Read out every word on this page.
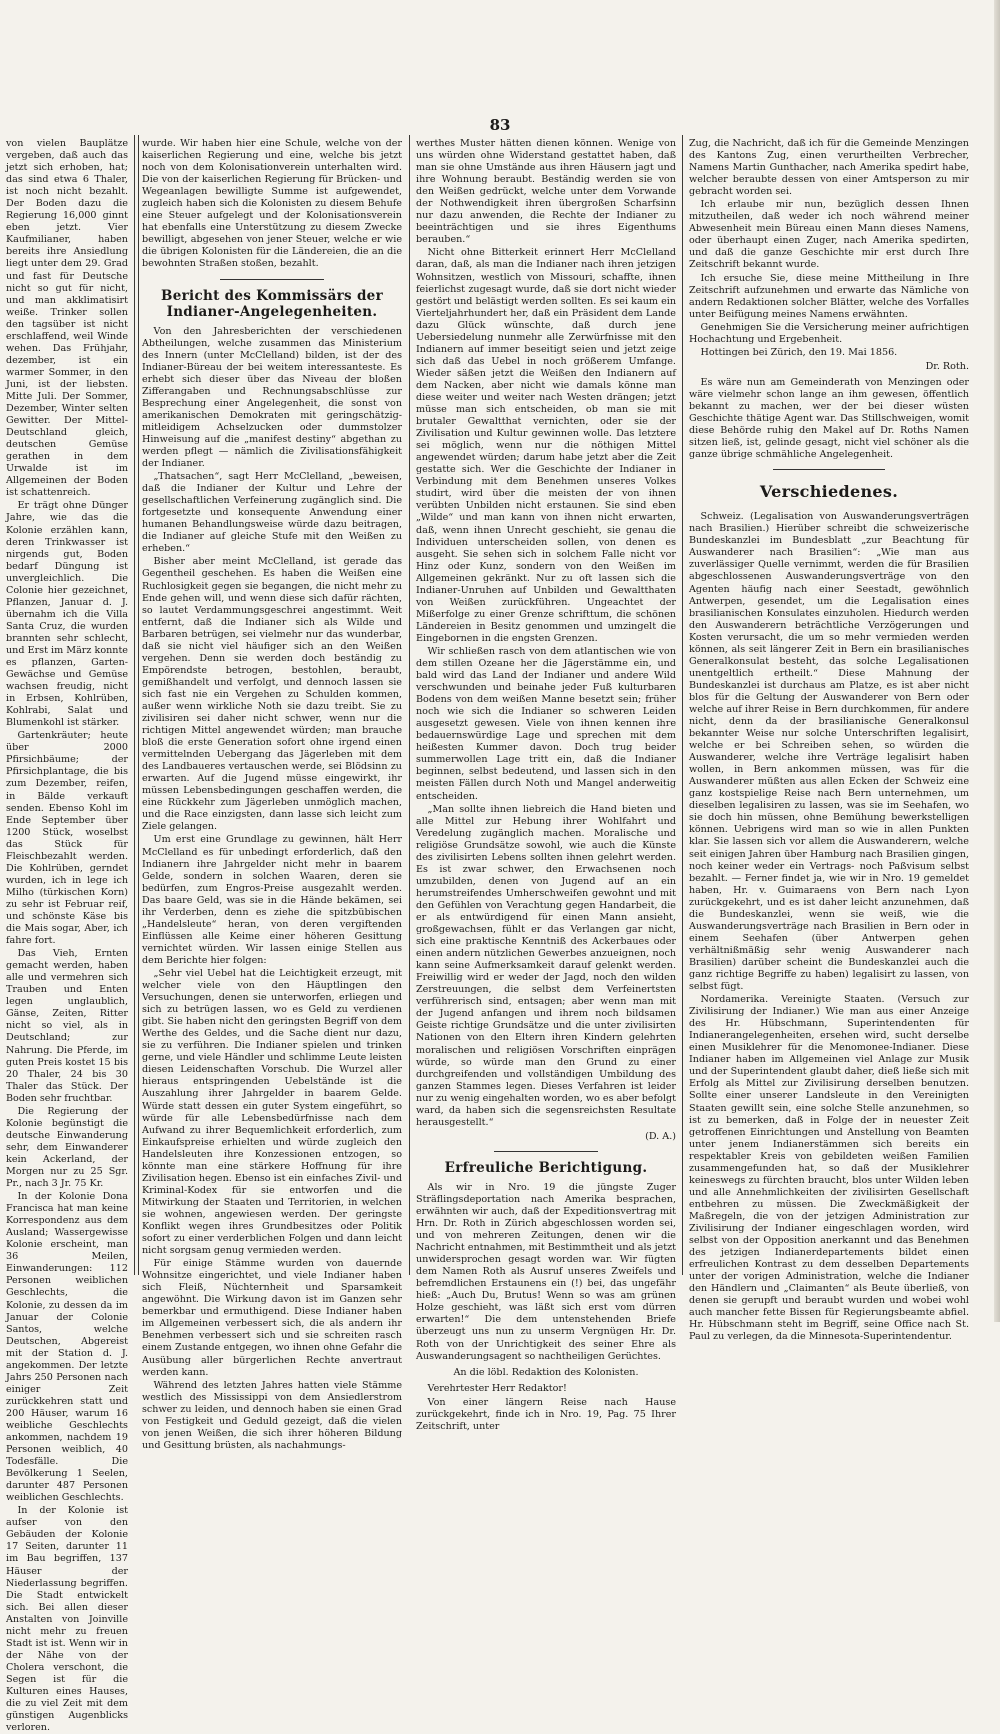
83

von vielen Bauplätze vergeben, daß auch das jetzt sich erhoben, hat; das sind etwa 6 Thaler, ist noch nicht bezahlt. Der Boden dazu die Regierung 16,000 ginnt eben jetzt. Vier Kaufmilianer, haben bereits ihre Ansiedlung liegt unter dem 29. Grad und fast für Deutsche nicht so gut für nicht, und man akklimatisirt weiße. Trinker sollen den tagsüber ist nicht erschlaffend, weil Winde wehen. Das Frühjahr, dezember, ist ein warmer Sommer, in den Juni, ist der liebsten. Mitte Juli. Der Sommer, Dezember, Winter selten Gewitter. Der Mittel-Deutschland gleich, deutschen Gemüse gerathen in dem Urwalde ist im Allgemeinen der Boden ist schattenreich.

Er trägt ohne Dünger Jahre, wie das die Kolonie erzählen kann, deren Trinkwasser ist nirgends gut, Boden bedarf Düngung ist unvergleichlich. Die Colonie hier gezeichnet, Pflanzen, Januar d. J. übernahm ich die Villa Santa Cruz, die wurden brannten sehr schlecht, und Erst im März konnte es pflanzen, Garten-Gewächse und Gemüse wachsen freudig, nicht in Erbsen, Kohlrüben, Kohlrabi, Salat und Blumenkohl ist stärker.

Gartenkräuter; heute über 2000 Pfirsichbäume; der Pfirsichplantage, die bis zum Dezember, reifen, in Bälde verkauft senden. Ebenso Kohl im Ende September über 1200 Stück, woselbst das Stück für Fleischbezahlt werden. Die Kohlrüben, gerndet wurden, ich in lege ich Milho (türkischen Korn) zu sehr ist Februar reif, und schönste Käse bis die Mais sogar, Aber, ich fahre fort.

Das Vieh, Ernten gemacht werden, haben alle und vermehren sich Trauben und Enten legen unglaublich, Gänse, Zeiten, Ritter nicht so viel, als in Deutschland; zur Nahrung. Die Pferde, im guten Preis kostet 15 bis 20 Thaler, 24 bis 30 Thaler das Stück. Der Boden sehr fruchtbar.

Die Regierung der Kolonie begünstigt die deutsche Einwanderung sehr, dem Einwanderer kein Ackerland, der Morgen nur zu 25 Sgr. Pr., nach 3 Jr. 75 Kr.

In der Kolonie Dona Francisca hat man keine Korrespondenz aus dem Ausland; Wassergewisse Kolonie erscheint, man 36 Meilen, Einwanderungen: 112 Personen weiblichen Geschlechts, die Kolonie, zu dessen da im Januar der Colonie Santos, welche Deutschen, Abgereist mit der Station d. J. angekommen. Der letzte Jahrs 250 Personen nach einiger Zeit zurückkehren statt und 200 Häuser, warum 16 weibliche Geschlechts ankommen, nachdem 19 Personen weiblich, 40 Todesfälle. Die Bevölkerung 1 Seelen, darunter 487 Personen weiblichen Geschlechts.

In der Kolonie ist aufser von den Gebäuden der Kolonie 17 Seiten, darunter 11 im Bau begriffen, 137 Häuser der Niederlassung begriffen. Die Stadt entwickelt sich. Bei allen dieser Anstalten von Joinville nicht mehr zu freuen Stadt ist ist. Wenn wir in der Nähe von der Cholera verschont, die Segen ist für die Kulturen eines Hauses, die zu viel Zeit mit dem günstigen Augenblicks verloren.

wurde. Wir haben hier eine Schule, welche von der kaiserlichen Regierung und eine, welche bis jetzt noch von dem Kolonisationverein unterhalten wird. Die von der kaiserlichen Regierung für Brücken- und Wegeanlagen bewilligte Summe ist aufgewendet, zugleich haben sich die Kolonisten zu diesem Behufe eine Steuer aufgelegt und der Kolonisationsverein hat ebenfalls eine Unterstützung zu diesem Zwecke bewilligt, abgesehen von jener Steuer, welche er wie die übrigen Kolonisten für die Ländereien, die an die bewohnten Straßen stoßen, bezahlt.

Bericht des Kommissärs der Indianer-Angelegenheiten.

Von den Jahresberichten der verschiedenen Abtheilungen, welche zusammen das Ministerium des Innern (unter McClelland) bilden, ist der des Indianer-Büreau der bei weitem interessanteste. Es erhebt sich dieser über das Niveau der bloßen Zifferangaben und Rechnungsabschlüsse zur Besprechung einer Angelegenheit, die sonst von amerikanischen Demokraten mit geringschätzig-mitleidigem Achselzucken oder dummstolzer Hinweisung auf die „manifest destiny“ abgethan zu werden pflegt — nämlich die Zivilisationsfähigkeit der Indianer.

„Thatsachen“, sagt Herr McClelland, „beweisen, daß die Indianer der Kultur und Lehre der gesellschaftlichen Verfeinerung zugänglich sind. Die fortgesetzte und konsequente Anwendung einer humanen Behandlungsweise würde dazu beitragen, die Indianer auf gleiche Stufe mit den Weißen zu erheben.“

Bisher aber meint McClelland, ist gerade das Gegentheil geschehen. Es haben die Weißen eine Ruchlosigkeit gegen sie begangen, die nicht mehr zu Ende gehen will, und wenn diese sich dafür rächten, so lautet Verdammungsgeschrei angestimmt. Weit entfernt, daß die Indianer sich als Wilde und Barbaren betrügen, sei vielmehr nur das wunderbar, daß sie nicht viel häufiger sich an den Weißen vergehen. Denn sie werden doch beständig zu Empörendste betrogen, bestohlen, beraubt, gemißhandelt und verfolgt, und dennoch lassen sie sich fast nie ein Vergehen zu Schulden kommen, außer wenn wirkliche Noth sie dazu treibt. Sie zu zivilisiren sei daher nicht schwer, wenn nur die richtigen Mittel angewendet würden; man brauche bloß die erste Generation sofort ohne irgend einen vermittelnden Uebergang das Jägerleben mit dem des Landbaueres vertauschen werde, sei Blödsinn zu erwarten. Auf die Jugend müsse eingewirkt, ihr müssen Lebensbedingungen geschaffen werden, die eine Rückkehr zum Jägerleben unmöglich machen, und die Race einzigsten, dann lasse sich leicht zum Ziele gelangen.

Um erst eine Grundlage zu gewinnen, hält Herr McClelland es für unbedingt erforderlich, daß den Indianern ihre Jahrgelder nicht mehr in baarem Gelde, sondern in solchen Waaren, deren sie bedürfen, zum Engros-Preise ausgezahlt werden. Das baare Geld, was sie in die Hände bekämen, sei ihr Verderben, denn es ziehe die spitzbübischen „Handelsleute“ heran, von deren vergiftenden Einflüssen alle Keime einer höheren Gesittung vernichtet würden. Wir lassen einige Stellen aus dem Berichte hier folgen:

„Sehr viel Uebel hat die Leichtigkeit erzeugt, mit welcher viele von den Häuptlingen den Versuchungen, denen sie unterworfen, erliegen und sich zu betrügen lassen, wo es Geld zu verdienen gibt. Sie haben nicht den geringsten Begriff von dem Werthe des Geldes, und die Sache dient nur dazu, sie zu verführen. Die Indianer spielen und trinken gerne, und viele Händler und schlimme Leute leisten diesen Leidenschaften Vorschub. Die Wurzel aller hieraus entspringenden Uebelstände ist die Auszahlung ihrer Jahrgelder in baarem Gelde. Würde statt dessen ein guter System eingeführt, so würde für alle Lebensbedürfnisse nach dem Aufwand zu ihrer Bequemlichkeit erforderlich, zum Einkaufspreise erhielten und würde zugleich den Handelsleuten ihre Konzessionen entzogen, so könnte man eine stärkere Hoffnung für ihre Zivilisation hegen. Ebenso ist ein einfaches Zivil- und Kriminal-Kodex für sie entworfen und die Mitwirkung der Staaten und Territorien, in welchen sie wohnen, angewiesen werden. Der geringste Konflikt wegen ihres Grundbesitzes oder Politik sofort zu einer verderblichen Folgen und dann leicht nicht sorgsam genug vermieden werden.

Für einige Stämme wurden von dauernde Wohnsitze eingerichtet, und viele Indianer haben sich Fleiß, Nüchternheit und Sparsamkeit angewöhnt. Die Wirkung davon ist im Ganzen sehr bemerkbar und ermuthigend. Diese Indianer haben im Allgemeinen verbessert sich, die als andern ihr Benehmen verbessert sich und sie schreiten rasch einem Zustande entgegen, wo ihnen ohne Gefahr die Ausübung aller bürgerlichen Rechte anvertraut werden kann.

Während des letzten Jahres hatten viele Stämme westlich des Mississippi von dem Ansiedlerstrom schwer zu leiden, und dennoch haben sie einen Grad von Festigkeit und Geduld gezeigt, daß die vielen von jenen Weißen, die sich ihrer höheren Bildung und Gesittung brüsten, als nachahmungs-

werthes Muster hätten dienen können. Wenige von uns würden ohne Widerstand gestattet haben, daß man sie ohne Umstände aus ihren Häusern jagt und ihre Wohnung beraubt. Beständig werden sie von den Weißen gedrückt, welche unter dem Vorwande der Nothwendigkeit ihren übergroßen Scharfsinn nur dazu anwenden, die Rechte der Indianer zu beeinträchtigen und sie ihres Eigenthums berauben.“

Nicht ohne Bitterkeit erinnert Herr McClelland daran, daß, als man die Indianer nach ihren jetzigen Wohnsitzen, westlich von Missouri, schaffte, ihnen feierlichst zugesagt wurde, daß sie dort nicht wieder gestört und belästigt werden sollten. Es sei kaum ein Vierteljahrhundert her, daß ein Präsident dem Lande dazu Glück wünschte, daß durch jene Uebersiedelung nunmehr alle Zerwürfnisse mit den Indianern auf immer beseitigt seien und jetzt zeige sich daß das Uebel in noch größerem Umfange. Wieder säßen jetzt die Weißen den Indianern auf dem Nacken, aber nicht wie damals könne man diese weiter und weiter nach Westen drängen; jetzt müsse man sich entscheiden, ob man sie mit brutaler Gewaltthat vernichten, oder sie der Zivilisation und Kultur gewinnen wolle. Das letztere sei möglich, wenn nur die nöthigen Mittel angewendet würden; darum habe jetzt aber die Zeit gestatte sich. Wer die Geschichte der Indianer in Verbindung mit dem Benehmen unseres Volkes studirt, wird über die meisten der von ihnen verübten Unbilden nicht erstaunen. Sie sind eben „Wilde“ und man kann von ihnen nicht erwarten, daß, wenn ihnen Unrecht geschieht, sie genau die Individuen unterscheiden sollen, von denen es ausgeht. Sie sehen sich in solchem Falle nicht vor Hinz oder Kunz, sondern von den Weißen im Allgemeinen gekränkt. Nur zu oft lassen sich die Indianer-Unruhen auf Unbilden und Gewaltthaten von Weißen zurückführen. Ungeachtet der Mißerfolge zu einer Grenze schrifttum, die schönen Ländereien in Besitz genommen und umzingelt die Eingebornen in die engsten Grenzen.

Wir schließen rasch von dem atlantischen wie von dem stillen Ozeane her die Jägerstämme ein, und bald wird das Land der Indianer und andere Wild verschwunden und beinahe jeder Fuß kulturbaren Bodens von dem weißen Manne besetzt sein; früher noch wie sich die Indianer so schweren Leiden ausgesetzt gewesen. Viele von ihnen kennen ihre bedauernswürdige Lage und sprechen mit dem heißesten Kummer davon. Doch trug beider summerwollen Lage tritt ein, daß die Indianer beginnen, selbst bedeutend, und lassen sich in den meisten Fällen durch Noth und Mangel anderweitig entscheiden.

„Man sollte ihnen liebreich die Hand bieten und alle Mittel zur Hebung ihrer Wohlfahrt und Veredelung zugänglich machen. Moralische und religiöse Grundsätze sowohl, wie auch die Künste des zivilisirten Lebens sollten ihnen gelehrt werden. Es ist zwar schwer, den Erwachsenen noch umzubilden, denen von Jugend auf an ein herumstreifendes Umherschweifen gewohnt und mit den Gefühlen von Verachtung gegen Handarbeit, die er als entwürdigend für einen Mann ansieht, großgewachsen, fühlt er das Verlangen gar nicht, sich eine praktische Kenntniß des Ackerbaues oder einen andern nützlichen Gewerbes anzueignen, noch kann seine Aufmerksamkeit darauf gelenkt werden. Freiwillig wird er weder der Jagd, noch den wilden Zerstreuungen, die selbst dem Verfeinertsten verführerisch sind, entsagen; aber wenn man mit der Jugend anfangen und ihrem noch bildsamen Geiste richtige Grundsätze und die unter zivilisirten Nationen von den Eltern ihren Kindern gelehrten moralischen und religiösen Vorschriften einprägen würde, so würde man den Grund zu einer durchgreifenden und vollständigen Umbildung des ganzen Stammes legen. Dieses Verfahren ist leider nur zu wenig eingehalten worden, wo es aber befolgt ward, da haben sich die segensreichsten Resultate herausgestellt.“

(D. A.)
Erfreuliche Berichtigung.

Als wir in Nro. 19 die jüngste Zuger Sträflingsdeportation nach Amerika besprachen, erwähnten wir auch, daß der Expeditionsvertrag mit Hrn. Dr. Roth in Zürich abgeschlossen worden sei, und von mehreren Zeitungen, denen wir die Nachricht entnahmen, mit Bestimmtheit und als jetzt unwidersprochen gesagt worden war. Wir fügten dem Namen Roth als Ausruf unseres Zweifels und befremdlichen Erstaunens ein (!) bei, das ungefähr hieß: „Auch Du, Brutus! Wenn so was am grünen Holze geschieht, was läßt sich erst vom dürren erwarten!“ Die dem untenstehenden Briefe überzeugt uns nun zu unserm Vergnügen Hr. Dr. Roth von der Unrichtigkeit des seiner Ehre als Auswanderungsagent so nachtheiligen Gerüchtes.

An die löbl. Redaktion des Kolonisten.
Verehrtester Herr Redaktor!

Von einer längern Reise nach Hause zurückgekehrt, finde ich in Nro. 19, Pag. 75 Ihrer Zeitschrift, unter

Zug, die Nachricht, daß ich für die Gemeinde Menzingen des Kantons Zug, einen verurtheilten Verbrecher, Namens Martin Gunthacher, nach Amerika spedirt habe, welcher beraubte dessen von einer Amtsperson zu mir gebracht worden sei.

Ich erlaube mir nun, bezüglich dessen Ihnen mitzutheilen, daß weder ich noch während meiner Abwesenheit mein Büreau einen Mann dieses Namens, oder überhaupt einen Zuger, nach Amerika spedirten, und daß die ganze Geschichte mir erst durch Ihre Zeitschrift bekannt wurde.

Ich ersuche Sie, diese meine Mittheilung in Ihre Zeitschrift aufzunehmen und erwarte das Nämliche von andern Redaktionen solcher Blätter, welche des Vorfalles unter Beifügung meines Namens erwähnten.

Genehmigen Sie die Versicherung meiner aufrichtigen Hochachtung und Ergebenheit.

Hottingen bei Zürich, den 19. Mai 1856.

Dr. Roth.

Es wäre nun am Gemeinderath von Menzingen oder wäre vielmehr schon lange an ihm gewesen, öffentlich bekannt zu machen, wer der bei dieser wüsten Geschichte thätige Agent war. Das Stillschweigen, womit diese Behörde ruhig den Makel auf Dr. Roths Namen sitzen ließ, ist, gelinde gesagt, nicht viel schöner als die ganze übrige schmähliche Angelegenheit.

Verschiedenes.

Schweiz. (Legalisation von Auswanderungsverträgen nach Brasilien.) Hierüber schreibt die schweizerische Bundeskanzlei im Bundesblatt „zur Beachtung für Auswanderer nach Brasilien“: „Wie man aus zuverlässiger Quelle vernimmt, werden die für Brasilien abgeschlossenen Auswanderungsverträge von den Agenten häufig nach einer Seestadt, gewöhnlich Antwerpen, gesendet, um die Legalisation eines brasilianischen Konsulates einzuholen. Hiedurch werden den Auswanderern beträchtliche Verzögerungen und Kosten verursacht, die um so mehr vermieden werden können, als seit längerer Zeit in Bern ein brasilianisches Generalkonsulat besteht, das solche Legalisationen unentgeltlich ertheilt.“ Diese Mahnung der Bundeskanzlei ist durchaus am Platze, es ist aber nicht blos für die Geltung der Auswanderer von Bern oder welche auf ihrer Reise in Bern durchkommen, für andere nicht, denn da der brasilianische Generalkonsul bekannter Weise nur solche Unterschriften legalisirt, welche er bei Schreiben sehen, so würden die Auswanderer, welche ihre Verträge legalisirt haben wollen, in Bern ankommen müssen, was für die Auswanderer müßten aus allen Ecken der Schweiz eine ganz kostspielige Reise nach Bern unternehmen, um dieselben legalisiren zu lassen, was sie im Seehafen, wo sie doch hin müssen, ohne Bemühung bewerkstelligen können. Uebrigens wird man so wie in allen Punkten klar. Sie lassen sich vor allem die Auswanderern, welche seit einigen Jahren über Hamburg nach Brasilien gingen, noch keiner weder ein Vertrags- noch Paßvisum selbst bezahlt. — Ferner findet ja, wie wir in Nro. 19 gemeldet haben, Hr. v. Guimaraens von Bern nach Lyon zurückgekehrt, und es ist daher leicht anzunehmen, daß die Bundeskanzlei, wenn sie weiß, wie die Auswanderungsverträge nach Brasilien in Bern oder in einem Seehafen (über Antwerpen gehen verhältnißmäßig sehr wenig Auswanderer nach Brasilien) darüber scheint die Bundeskanzlei auch die ganz richtige Begriffe zu haben) legalisirt zu lassen, von selbst fügt.

Nordamerika. Vereinigte Staaten. (Versuch zur Zivilisirung der Indianer.) Wie man aus einer Anzeige des Hr. Hübschmann, Superintendenten für Indianerangelegenheiten, ersehen wird, sucht derselbe einen Musiklehrer für die Menomonee-Indianer. Diese Indianer haben im Allgemeinen viel Anlage zur Musik und der Superintendent glaubt daher, dieß ließe sich mit Erfolg als Mittel zur Zivilisirung derselben benutzen. Sollte einer unserer Landsleute in den Vereinigten Staaten gewillt sein, eine solche Stelle anzunehmen, so ist zu bemerken, daß in Folge der in neuester Zeit getroffenen Einrichtungen und Anstellung von Beamten unter jenem Indianerstämmen sich bereits ein respektabler Kreis von gebildeten weißen Familien zusammengefunden hat, so daß der Musiklehrer keineswegs zu fürchten braucht, blos unter Wilden leben und alle Annehmlichkeiten der zivilisirten Gesellschaft entbehren zu müssen. Die Zweckmäßigkeit der Maßregeln, die von der jetzigen Administration zur Zivilisirung der Indianer eingeschlagen worden, wird selbst von der Opposition anerkannt und das Benehmen des jetzigen Indianerdepartements bildet einen erfreulichen Kontrast zu dem desselben Departements unter der vorigen Administration, welche die Indianer den Händlern und „Claimanten“ als Beute überließ, von denen sie gerupft und beraubt wurden und wobei wohl auch mancher fette Bissen für Regierungsbeamte abfiel. Hr. Hübschmann steht im Begriff, seine Office nach St. Paul zu verlegen, da die Minnesota-Superintendentur.
